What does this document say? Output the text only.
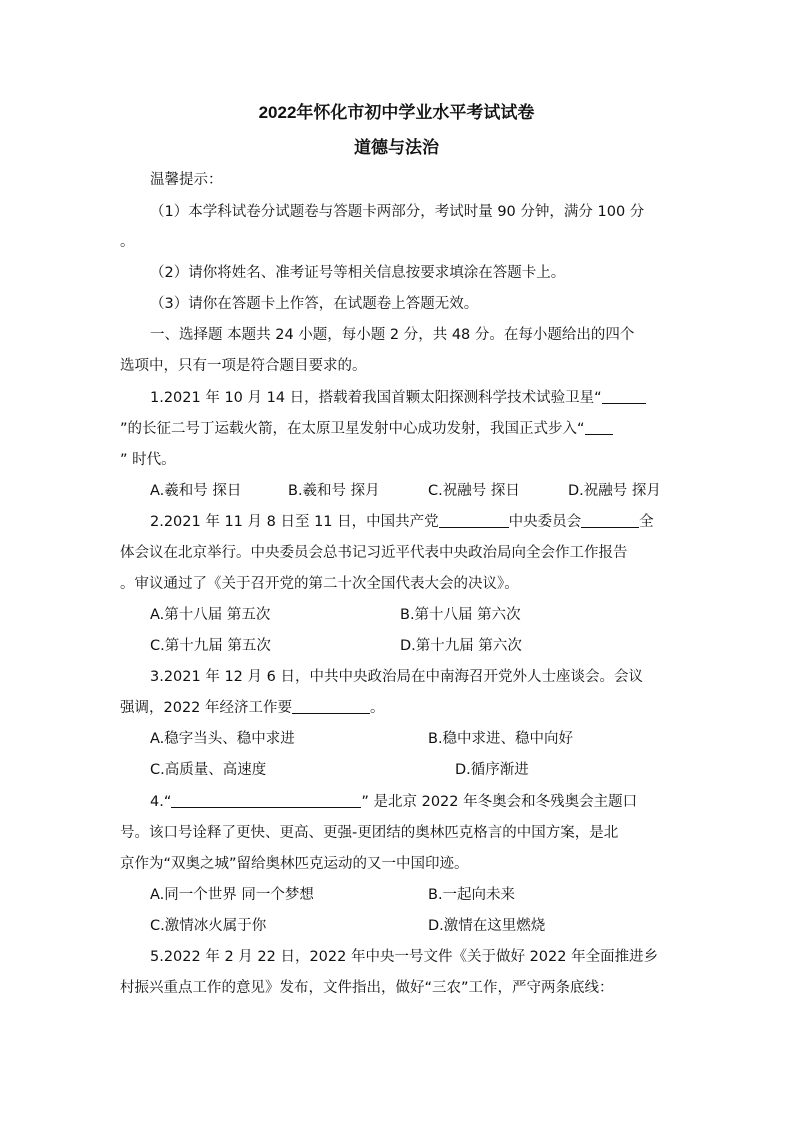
2022年怀化市初中学业水平考试试卷
道德与法治
温馨提示：
（1）本学科试卷分试题卷与答题卡两部分，考试时量 90 分钟，满分 100 分
。
（2）请你将姓名、准考证号等相关信息按要求填涂在答题卡上。
（3）请你在答题卡上作答，在试题卷上答题无效。
一、选择题 本题共 24 小题，每小题 2 分，共 48 分。在每小题给出的四个
选项中，只有一项是符合题目要求的。
1.2021 年 10 月 14 日，搭载着我国首颗太阳探测科学技术试验卫星“
”的长征二号丁运载火箭，在太原卫星发射中心成功发射，我国正式步入“
” 时代。
A.羲和号 探日	B.羲和号 探月	C.祝融号 探日	D.祝融号 探月
2.2021 年 11 月 8 日至 11 日，中国共产党	中央委员会	全
体会议在北京举行。中央委员会总书记习近平代表中央政治局向全会作工作报告
。审议通过了《关于召开党的第二十次全国代表大会的决议》。
A.第十八届 第五次	B.第十八届 第六次
C.第十九届 第五次	D.第十九届 第六次
3.2021 年 12 月 6 日，中共中央政治局在中南海召开党外人士座谈会。会议
强调，2022 年经济工作要	。
A.稳字当头、稳中求进	B.稳中求进、稳中向好
C.高质量、高速度	D.循序渐进
4.“	” 是北京 2022 年冬奥会和冬残奥会主题口
号。该口号诠释了更快、更高、更强-更团结的奥林匹克格言的中国方案，是北
京作为“双奥之城”留给奥林匹克运动的又一中国印迹。
A.同一个世界 同一个梦想	B.一起向未来
C.激情冰火属于你	D.激情在这里燃烧
5.2022 年 2 月 22 日，2022 年中央一号文件《关于做好 2022 年全面推进乡
村振兴重点工作的意见》发布，文件指出，做好“三农”工作，严守两条底线：
